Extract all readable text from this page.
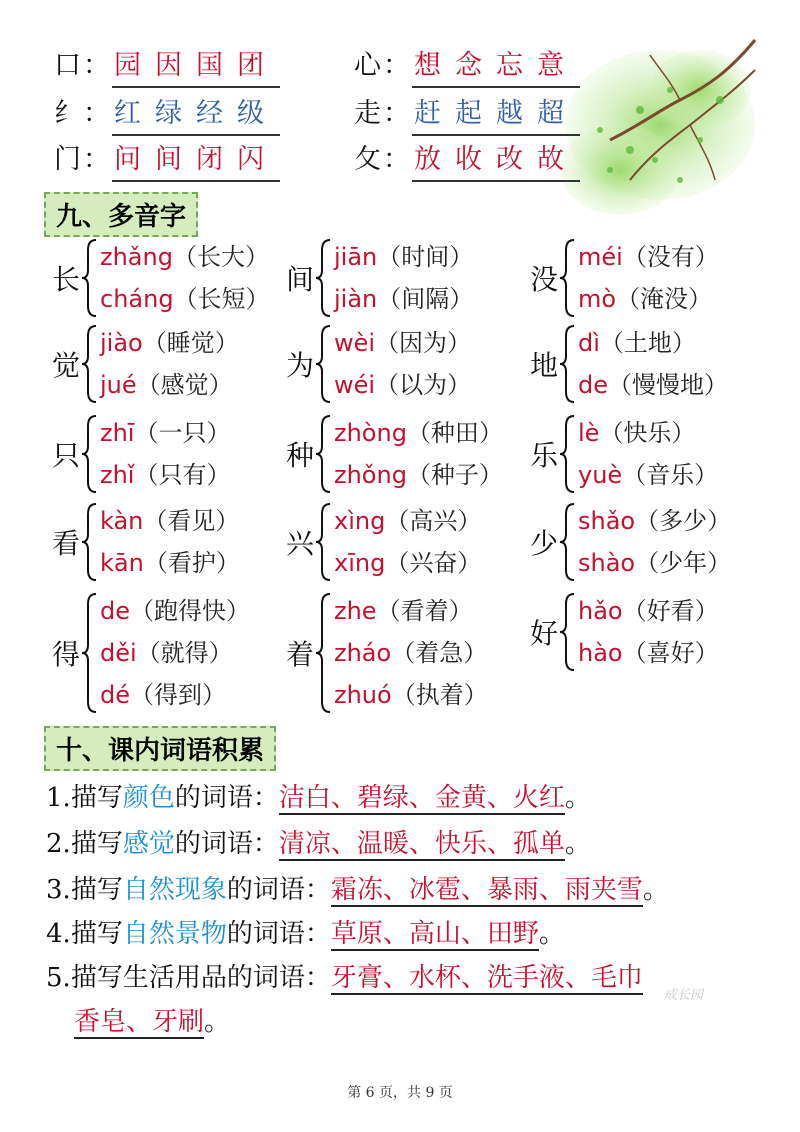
口： 园因国团	心： 想念忘意
纟： 红绿经级	走： 赶起越超
门： 问间闭闪	攵： 放收改故
九、多音字
长
zhǎng（长大）
cháng（长短）
间
jiān（时间）
jiàn（间隔）
没
méi（没有）
mò（淹没）
觉
jiào（睡觉）
jué（感觉）
为
wèi（因为）
wéi（以为）
地
dì（土地）
de（慢慢地）
只
zhī（一只）
zhǐ（只有）
种
zhòng（种田）
zhǒng（种子）
乐
lè（快乐）
yuè（音乐）
看
kàn（看见）
kān（看护）
兴
xìng（高兴）
xīng（兴奋）
少
shǎo（多少）
shào（少年）
得
de（跑得快）
děi（就得）
dé（得到）
着
zhe（看着）
zháo（着急）
zhuó（执着）
好
hǎo（好看）
hào（喜好）
十、课内词语积累
1.描写颜色的词语：洁白、碧绿、金黄、火红。
2.描写感觉的词语：清凉、温暖、快乐、孤单。
3.描写自然现象的词语：霜冻、冰雹、暴雨、雨夹雪。
4.描写自然景物的词语：草原、高山、田野。
5.描写生活用品的词语：牙膏、水杯、洗手液、毛巾
香皂、牙刷。
成长园
第 6 页，共 9 页
